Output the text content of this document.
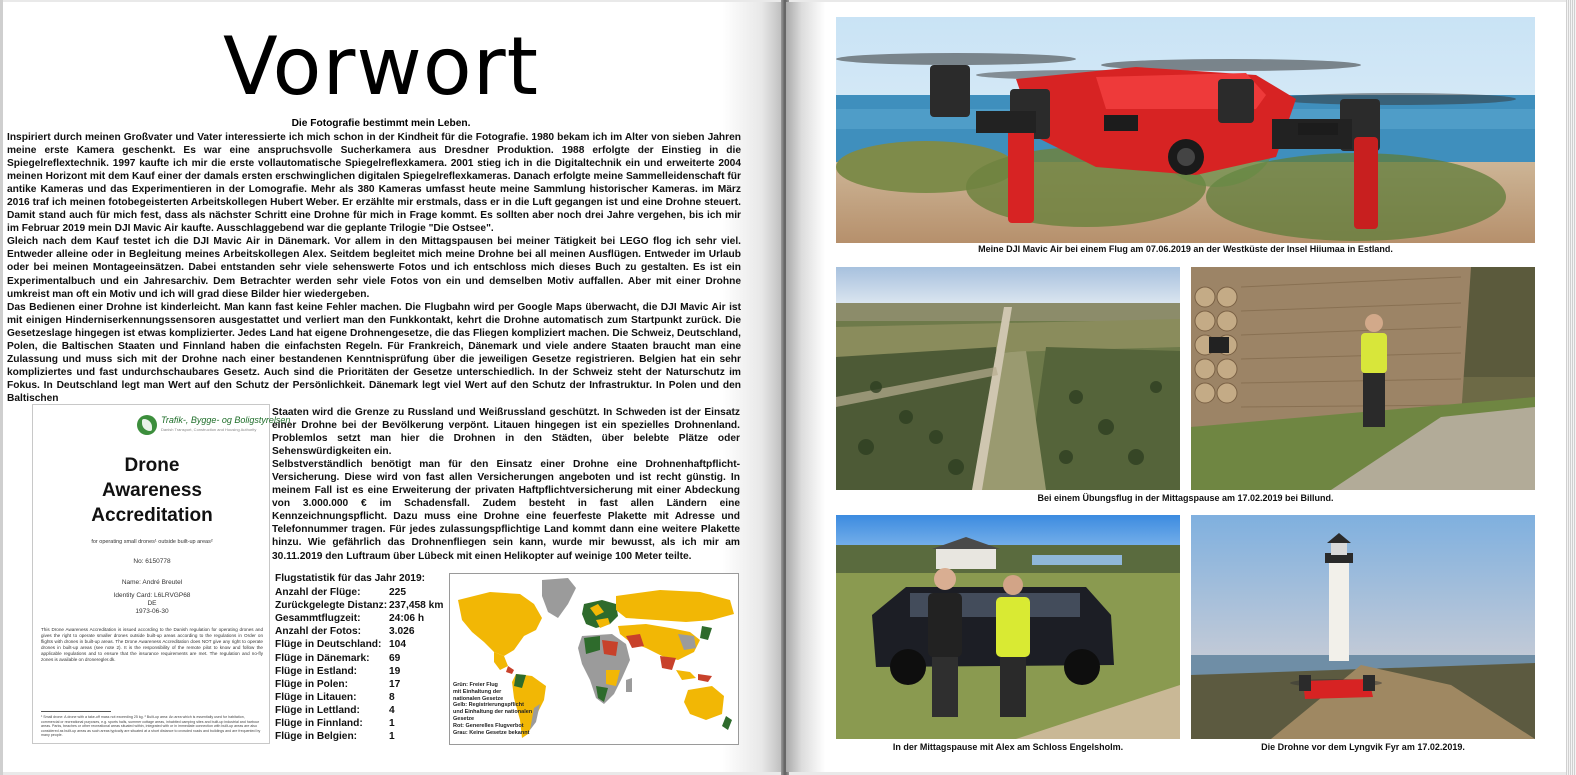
Vorwort
Die Fotografie bestimmt mein Leben.

Inspiriert durch meinen Großvater und Vater interessierte ich mich schon in der Kindheit für die Fotografie. 1980 bekam ich im Alter von sieben Jahren meine erste Kamera geschenkt. Es war eine anspruchsvolle Sucherkamera aus Dresdner Produktion. 1988 erfolgte der Einstieg in die Spiegelreflextechnik. 1997 kaufte ich mir die erste vollautomatische Spiegelreflexkamera. 2001 stieg ich in die Digitaltechnik ein und erweiterte 2004 meinen Horizont mit dem Kauf einer der damals ersten erschwinglichen digitalen Spiegelreflexkameras. Danach erfolgte meine Sammelleidenschaft für antike Kameras und das Experimentieren in der Lomografie. Mehr als 380 Kameras umfasst heute meine Sammlung historischer Kameras. im März 2016 traf ich meinen fotobegeisterten Arbeitskollegen Hubert Weber. Er erzählte mir erstmals, dass er in die Luft gegangen ist und eine Drohne steuert. Damit stand auch für mich fest, dass als nächster Schritt eine Drohne für mich in Frage kommt. Es sollten aber noch drei Jahre vergehen, bis ich mir im Februar 2019 mein DJI Mavic Air kaufte. Ausschlaggebend war die geplante Trilogie "Die Ostsee".

Gleich nach dem Kauf testet ich die DJI Mavic Air in Dänemark. Vor allem in den Mittagspausen bei meiner Tätigkeit bei LEGO flog ich sehr viel. Entweder alleine oder in Begleitung meines Arbeitskollegen Alex. Seitdem begleitet mich meine Drohne bei all meinen Ausflügen. Entweder im Urlaub oder bei meinen Montageeinsätzen. Dabei entstanden sehr viele sehenswerte Fotos und ich entschloss mich dieses Buch zu gestalten. Es ist ein Experimentalbuch und ein Jahresarchiv. Dem Betrachter werden sehr viele Fotos von ein und demselben Motiv auffallen. Aber mit einer Drohne umkreist man oft ein Motiv und ich will grad diese Bilder hier wiedergeben.

Das Bedienen einer Drohne ist kinderleicht. Man kann fast keine Fehler machen. Die Flugbahn wird per Google Maps überwacht, die DJI Mavic Air ist mit einigen Hinderniserkennungssensoren ausgestattet und verliert man den Funkkontakt, kehrt die Drohne automatisch zum Startpunkt zurück. Die Gesetzeslage hingegen ist etwas komplizierter. Jedes Land hat eigene Drohnengesetze, die das Fliegen kompliziert machen. Die Schweiz, Deutschland, Polen, die Baltischen Staaten und Finnland haben die einfachsten Regeln. Für Frankreich, Dänemark und viele andere Staaten braucht man eine Zulassung und muss sich mit der Drohne nach einer bestandenen Kenntnisprüfung über die jeweiligen Gesetze registrieren. Belgien hat ein sehr kompliziertes und fast undurchschaubares Gesetz. Auch sind die Prioritäten der Gesetze unterschiedlich. In der Schweiz steht der Naturschutz im Fokus. In Deutschland legt man Wert auf den Schutz der Persönlichkeit. Dänemark legt viel Wert auf den Schutz der Infrastruktur. In Polen und den Baltischen

Trafik-, Bygge- og Boligstyrelsen
Danish Transport, Construction and Housing Authority
Drone
Awareness
Accreditation
for operating small drones¹ outside built-up areas²
No: 6150778
Name: André Breutel
Identity Card: L6LRVGP68
DE
1973-06-30
This Drone Awareness Accreditation is issued according to the Danish regulation for operating drones and gives the right to operate smaller drones outside built-up areas according to the regulations in Order on flights with drones in built-up areas. The Drone Awareness Accreditation does NOT give any right to operate drones in built-up areas (see note 2). It is the responsibility of the remote pilot to know and follow the applicable regulations and to ensure that the insurance requirements are met. The regulation and no-fly zones is available on droneregler.dk.
¹ Small drone: A drone with a take-off mass not exceeding 25 kg. ² Built-up area: An area which is essentially used for habitation, commercial or recreational purposes, e.g. sports halls, summer cottage areas, inhabited camping sites and built-up industrial and harbour areas. Parks, beaches or other recreational areas situated within, integrated with or in immediate connection with built-up areas are also considered as built-up areas as such areas typically are situated at a short distance to crowded roads and buildings and are frequented by many people.

Staaten wird die Grenze zu Russland und Weißrussland geschützt. In Schweden ist der Einsatz einer Drohne bei der Bevölkerung verpönt. Litauen hingegen ist ein spezielles Drohnenland. Problemlos setzt man hier die Drohnen in den Städten, über belebte Plätze oder Sehenswürdigkeiten ein.

Selbstverständlich benötigt man für den Einsatz einer Drohne eine Drohnenhaftpflicht-Versicherung. Diese wird von fast allen Versicherungen angeboten und ist recht günstig. In meinem Fall ist es eine Erweiterung der privaten Haftpflichtversicherung mit einer Abdeckung von 3.000.000 € im Schadensfall. Zudem besteht in fast allen Ländern eine Kennzeichnungspflicht. Dazu muss eine Drohne eine feuerfeste Plakette mit Adresse und Telefonnummer tragen. Für jedes zulassungspflichtige Land kommt dann eine weitere Plakette hinzu. Wie gefährlich das Drohnenfliegen sein kann, wurde mir bewusst, als ich mir am 30.11.2019 den Luftraum über Lübeck mit einen Helikopter auf weinige 100 Meter teilte.

Flugstatistik für das Jahr 2019:
Anzahl der Flüge:	225
Zurückgelegte Distanz: 237,458 km
Gesammtflugzeit:	24:06 h
Anzahl der Fotos:	3.026
Flüge in Deutschland: 104
Flüge in Dänemark: 69
Flüge in Estland:	19
Flüge in Polen:	17
Flüge in Litauen:	8
Flüge in Lettland:	4
Flüge in Finnland:	1
Flüge in Belgien:	1
Grün: Freier Flug
mit Einhaltung der
nationalen Gesetze
Gelb: Registrierungspflicht
und Einhaltung der nationalen
Gesetze
Rot: Generelles Flugverbot
Grau: Keine Gesetze bekannt
Meine DJI Mavic Air bei einem Flug am 07.06.2019 an der Westküste der Insel Hiiumaa in Estland.
Bei einem Übungsflug in der Mittagspause am 17.02.2019 bei Billund.
In der Mittagspause mit Alex am Schloss Engelsholm.	Die Drohne vor dem Lyngvik Fyr am 17.02.2019.
